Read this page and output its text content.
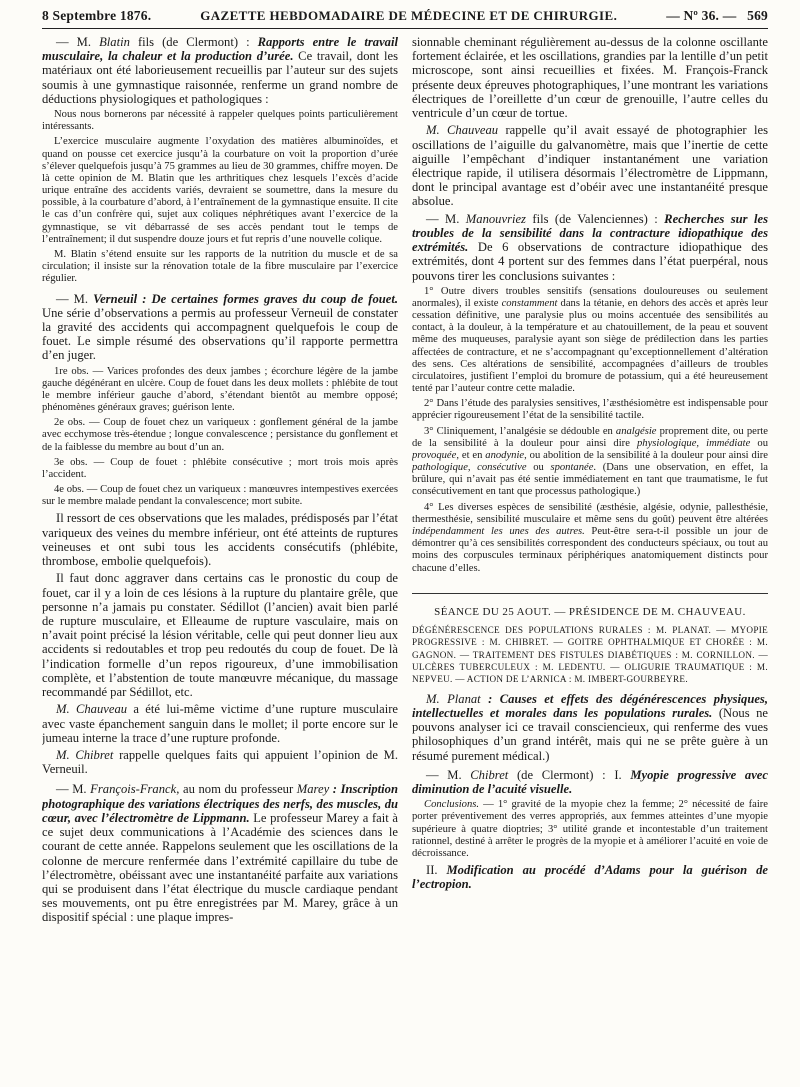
8 Septembre 1876.	GAZETTE HEBDOMADAIRE DE MÉDECINE ET DE CHIRURGIE.	— Nº 36. — 569

— M. Blatin fils (de Clermont) : Rapports entre le travail musculaire, la chaleur et la production d’urée. Ce travail, dont les matériaux ont été laborieusement recueillis par l’auteur sur des sujets soumis à une gymnastique raisonnée, renferme un grand nombre de déductions physiologiques et pathologiques :

Nous nous bornerons par nécessité à rappeler quelques points particulièrement intéressants.

L’exercice musculaire augmente l’oxydation des matières albuminoïdes, et quand on pousse cet exercice jusqu’à la courbature on voit la proportion d’urée s’élever quelquefois jusqu’à 75 grammes au lieu de 30 grammes, chiffre moyen. De là cette opinion de M. Blatin que les arthritiques chez lesquels l’excès d’acide urique entraîne des accidents variés, devraient se soumettre, dans la mesure du possible, à la courbature d’abord, à l’entraînement de la gymnastique ensuite. Il cite le cas d’un confrère qui, sujet aux coliques néphrétiques avant l’exercice de la gymnastique, se vit débarrassé de ses accès pendant tout le temps de l’entraînement; il dut suspendre douze jours et fut repris d’une nouvelle colique.

M. Blatin s’étend ensuite sur les rapports de la nutrition du muscle et de sa circulation; il insiste sur la rénovation totale de la fibre musculaire par l’exercice régulier.

— M. Verneuil : De certaines formes graves du coup de fouet. Une série d’observations a permis au professeur Verneuil de constater la gravité des accidents qui accompagnent quelquefois le coup de fouet. Le simple résumé des observations qu’il rapporte permettra d’en juger.

1re obs. — Varices profondes des deux jambes ; écorchure légère de la jambe gauche dégénérant en ulcère. Coup de fouet dans les deux mollets : phlébite de tout le membre inférieur gauche d’abord, s’étendant bientôt au membre opposé; phénomènes généraux graves; guérison lente.

2e obs. — Coup de fouet chez un variqueux : gonflement général de la jambe avec ecchymose très-étendue ; longue convalescence ; persistance du gonflement et de la faiblesse du membre au bout d’un an.

3e obs. — Coup de fouet : phlébite consécutive ; mort trois mois après l’accident.

4e obs. — Coup de fouet chez un variqueux : manœuvres intempestives exercées sur le membre malade pendant la convalescence; mort subite.

Il ressort de ces observations que les malades, prédisposés par l’état variqueux des veines du membre inférieur, ont été atteints de ruptures veineuses et ont subi tous les accidents consécutifs (phlébite, thrombose, embolie quelquefois).

Il faut donc aggraver dans certains cas le pronostic du coup de fouet, car il y a loin de ces lésions à la rupture du plantaire grêle, que personne n’a jamais pu constater. Sédillot (l’ancien) avait bien parlé de rupture musculaire, et Elleaume de rupture vasculaire, mais on n’avait point précisé la lésion véritable, celle qui peut donner lieu aux accidents si redoutables et trop peu redoutés du coup de fouet. De là l’indication formelle d’un repos rigoureux, d’une immobilisation complète, et l’abstention de toute manœuvre mécanique, du massage recommandé par Sédillot, etc.

M. Chauveau a été lui-même victime d’une rupture musculaire avec vaste épanchement sanguin dans le mollet; il porte encore sur le jumeau interne la trace d’une rupture profonde.

M. Chibret rappelle quelques faits qui appuient l’opinion de M. Verneuil.

— M. François-Franck, au nom du professeur Marey : Inscription photographique des variations électriques des nerfs, des muscles, du cœur, avec l’électromètre de Lippmann. Le professeur Marey a fait à ce sujet deux communications à l’Académie des sciences dans le courant de cette année. Rappelons seulement que les oscillations de la colonne de mercure renfermée dans l’extrémité capillaire du tube de l’électromètre, obéissant avec une instantanéité parfaite aux variations qui se produisent dans l’état électrique du muscle cardiaque pendant ses mouvements, ont pu être enregistrées par M. Marey, grâce à un dispositif spécial : une plaque impres-

sionnable cheminant régulièrement au-dessus de la colonne oscillante fortement éclairée, et les oscillations, grandies par la lentille d’un petit microscope, sont ainsi recueillies et fixées. M. François-Franck présente deux épreuves photographiques, l’une montrant les variations électriques de l’oreillette d’un cœur de grenouille, l’autre celles du ventricule d’un cœur de tortue.

M. Chauveau rappelle qu’il avait essayé de photographier les oscillations de l’aiguille du galvanomètre, mais que l’inertie de cette aiguille l’empêchant d’indiquer instantanément une variation électrique rapide, il utilisera désormais l’électromètre de Lippmann, dont le principal avantage est d’obéir avec une instantanéité presque absolue.

— M. Manouvriez fils (de Valenciennes) : Recherches sur les troubles de la sensibilité dans la contracture idiopathique des extrémités. De 6 observations de contracture idiopathique des extrémités, dont 4 portent sur des femmes dans l’état puerpéral, nous pouvons tirer les conclusions suivantes :

1° Outre divers troubles sensitifs (sensations douloureuses ou seulement anormales), il existe constamment dans la tétanie, en dehors des accès et après leur cessation définitive, une paralysie plus ou moins accentuée des sensibilités au contact, à la douleur, à la température et au chatouillement, de la peau et souvent même des muqueuses, paralysie ayant son siège de prédilection dans les parties affectées de contracture, et ne s’accompagnant qu’exceptionnellement d’altération des sens. Ces altérations de sensibilité, accompagnées d’ailleurs de troubles circulatoires, justifient l’emploi du bromure de potassium, qui a été heureusement tenté par l’auteur contre cette maladie.

2° Dans l’étude des paralysies sensitives, l’æsthésiomètre est indispensable pour apprécier rigoureusement l’état de la sensibilité tactile.

3° Cliniquement, l’analgésie se dédouble en analgésie proprement dite, ou perte de la sensibilité à la douleur pour ainsi dire physiologique, immédiate ou provoquée, et en anodynie, ou abolition de la sensibilité à la douleur pour ainsi dire pathologique, consécutive ou spontanée. (Dans une observation, en effet, la brûlure, qui n’avait pas été sentie immédiatement en tant que traumatisme, le fut consécutivement en tant que processus pathologique.)

4° Les diverses espèces de sensibilité (æsthésie, algésie, odynie, pallesthésie, thermesthésie, sensibilité musculaire et même sens du goût) peuvent être altérées indépendamment les unes des autres. Peut-être sera-t-il possible un jour de démontrer qu’à ces sensibilités correspondent des conducteurs spéciaux, ou tout au moins des corpuscules terminaux périphériques anatomiquement distincts pour chacune d’elles.

SÉANCE DU 25 AOUT. — PRÉSIDENCE DE M. CHAUVEAU.

DÉGÉNÉRESCENCE DES POPULATIONS RURALES : M. PLANAT. — MYOPIE PROGRESSIVE : M. CHIBRET. — GOITRE OPHTHALMIQUE ET CHORÉE : M. GAGNON. — TRAITEMENT DES FISTULES DIABÉTIQUES : M. CORNILLON. — ULCÈRES TUBERCULEUX : M. LEDENTU. — OLIGURIE TRAUMATIQUE : M. NEPVEU. — ACTION DE L’ARNICA : M. IMBERT-GOURBEYRE.

M. Planat : Causes et effets des dégénérescences physiques, intellectuelles et morales dans les populations rurales. (Nous ne pouvons analyser ici ce travail consciencieux, qui renferme des vues philosophiques d’un grand intérêt, mais qui ne se prête guère à un résumé purement médical.)

— M. Chibret (de Clermont) : I. Myopie progressive avec diminution de l’acuité visuelle.

Conclusions. — 1° gravité de la myopie chez la femme; 2° nécessité de faire porter préventivement des verres appropriés, aux femmes atteintes d’une myopie supérieure à quatre dioptries; 3° utilité grande et incontestable d’un traitement rationnel, destiné à arrêter le progrès de la myopie et à améliorer l’acuité en voie de décroissance.

II. Modification au procédé d’Adams pour la guérison de l’ectropion.
